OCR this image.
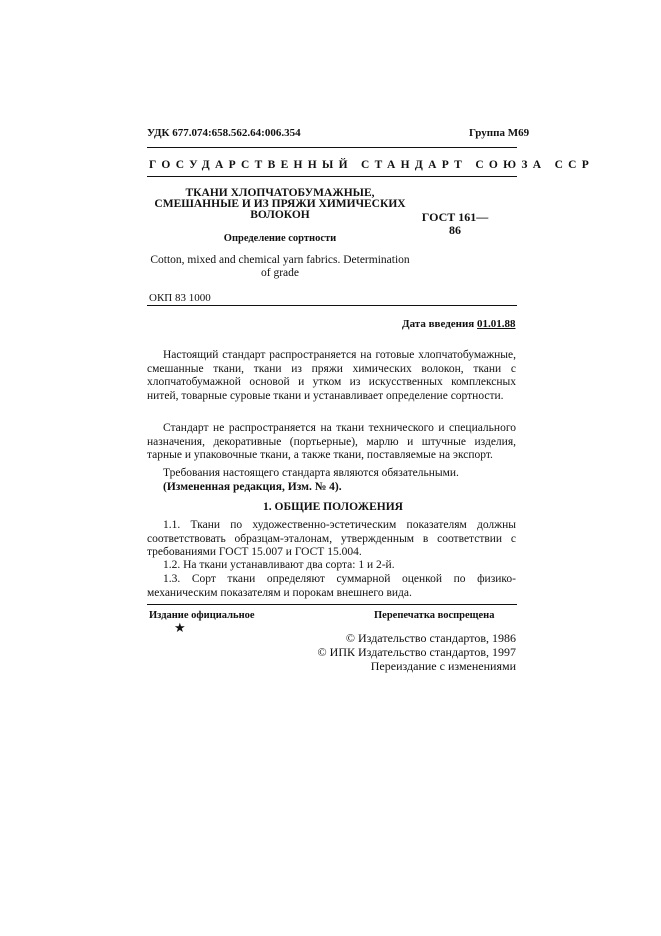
УДК 677.074:658.562.64:006.354	Группа М69
ГОСУДАРСТВЕННЫЙ СТАНДАРТ СОЮЗА ССР
ТКАНИ ХЛОПЧАТОБУМАЖНЫЕ, СМЕШАННЫЕ И ИЗ ПРЯЖИ ХИМИЧЕСКИХ ВОЛОКОН
Определение сортности
Cotton, mixed and chemical yarn fabrics. Determination of grade
ГОСТ 161—86
ОКП 83 1000
Дата введения 01.01.88

Настоящий стандарт распространяется на готовые хлопчатобумажные, смешанные ткани, ткани из пряжи химических волокон, ткани с хлопчатобумажной основой и утком из искусственных комплексных нитей, товарные суровые ткани и устанавливает определение сортности.

Стандарт не распространяется на ткани технического и специального назначения, декоративные (портьерные), марлю и штучные изделия, тарные и упаковочные ткани, а также ткани, поставляемые на экспорт.

Требования настоящего стандарта являются обязательными.

(Измененная редакция, Изм. № 4).

1. ОБЩИЕ ПОЛОЖЕНИЯ

1.1. Ткани по художественно-эстетическим показателям должны соответствовать образцам-эталонам, утвержденным в соответствии с требованиями ГОСТ 15.007 и ГОСТ 15.004.

1.2. На ткани устанавливают два сорта: 1 и 2-й.

1.3. Сорт ткани определяют суммарной оценкой по физико-механическим показателям и порокам внешнего вида.

Издание официальное	Перепечатка воспрещена
★
© Издательство стандартов, 1986
© ИПК Издательство стандартов, 1997
Переиздание с изменениями
